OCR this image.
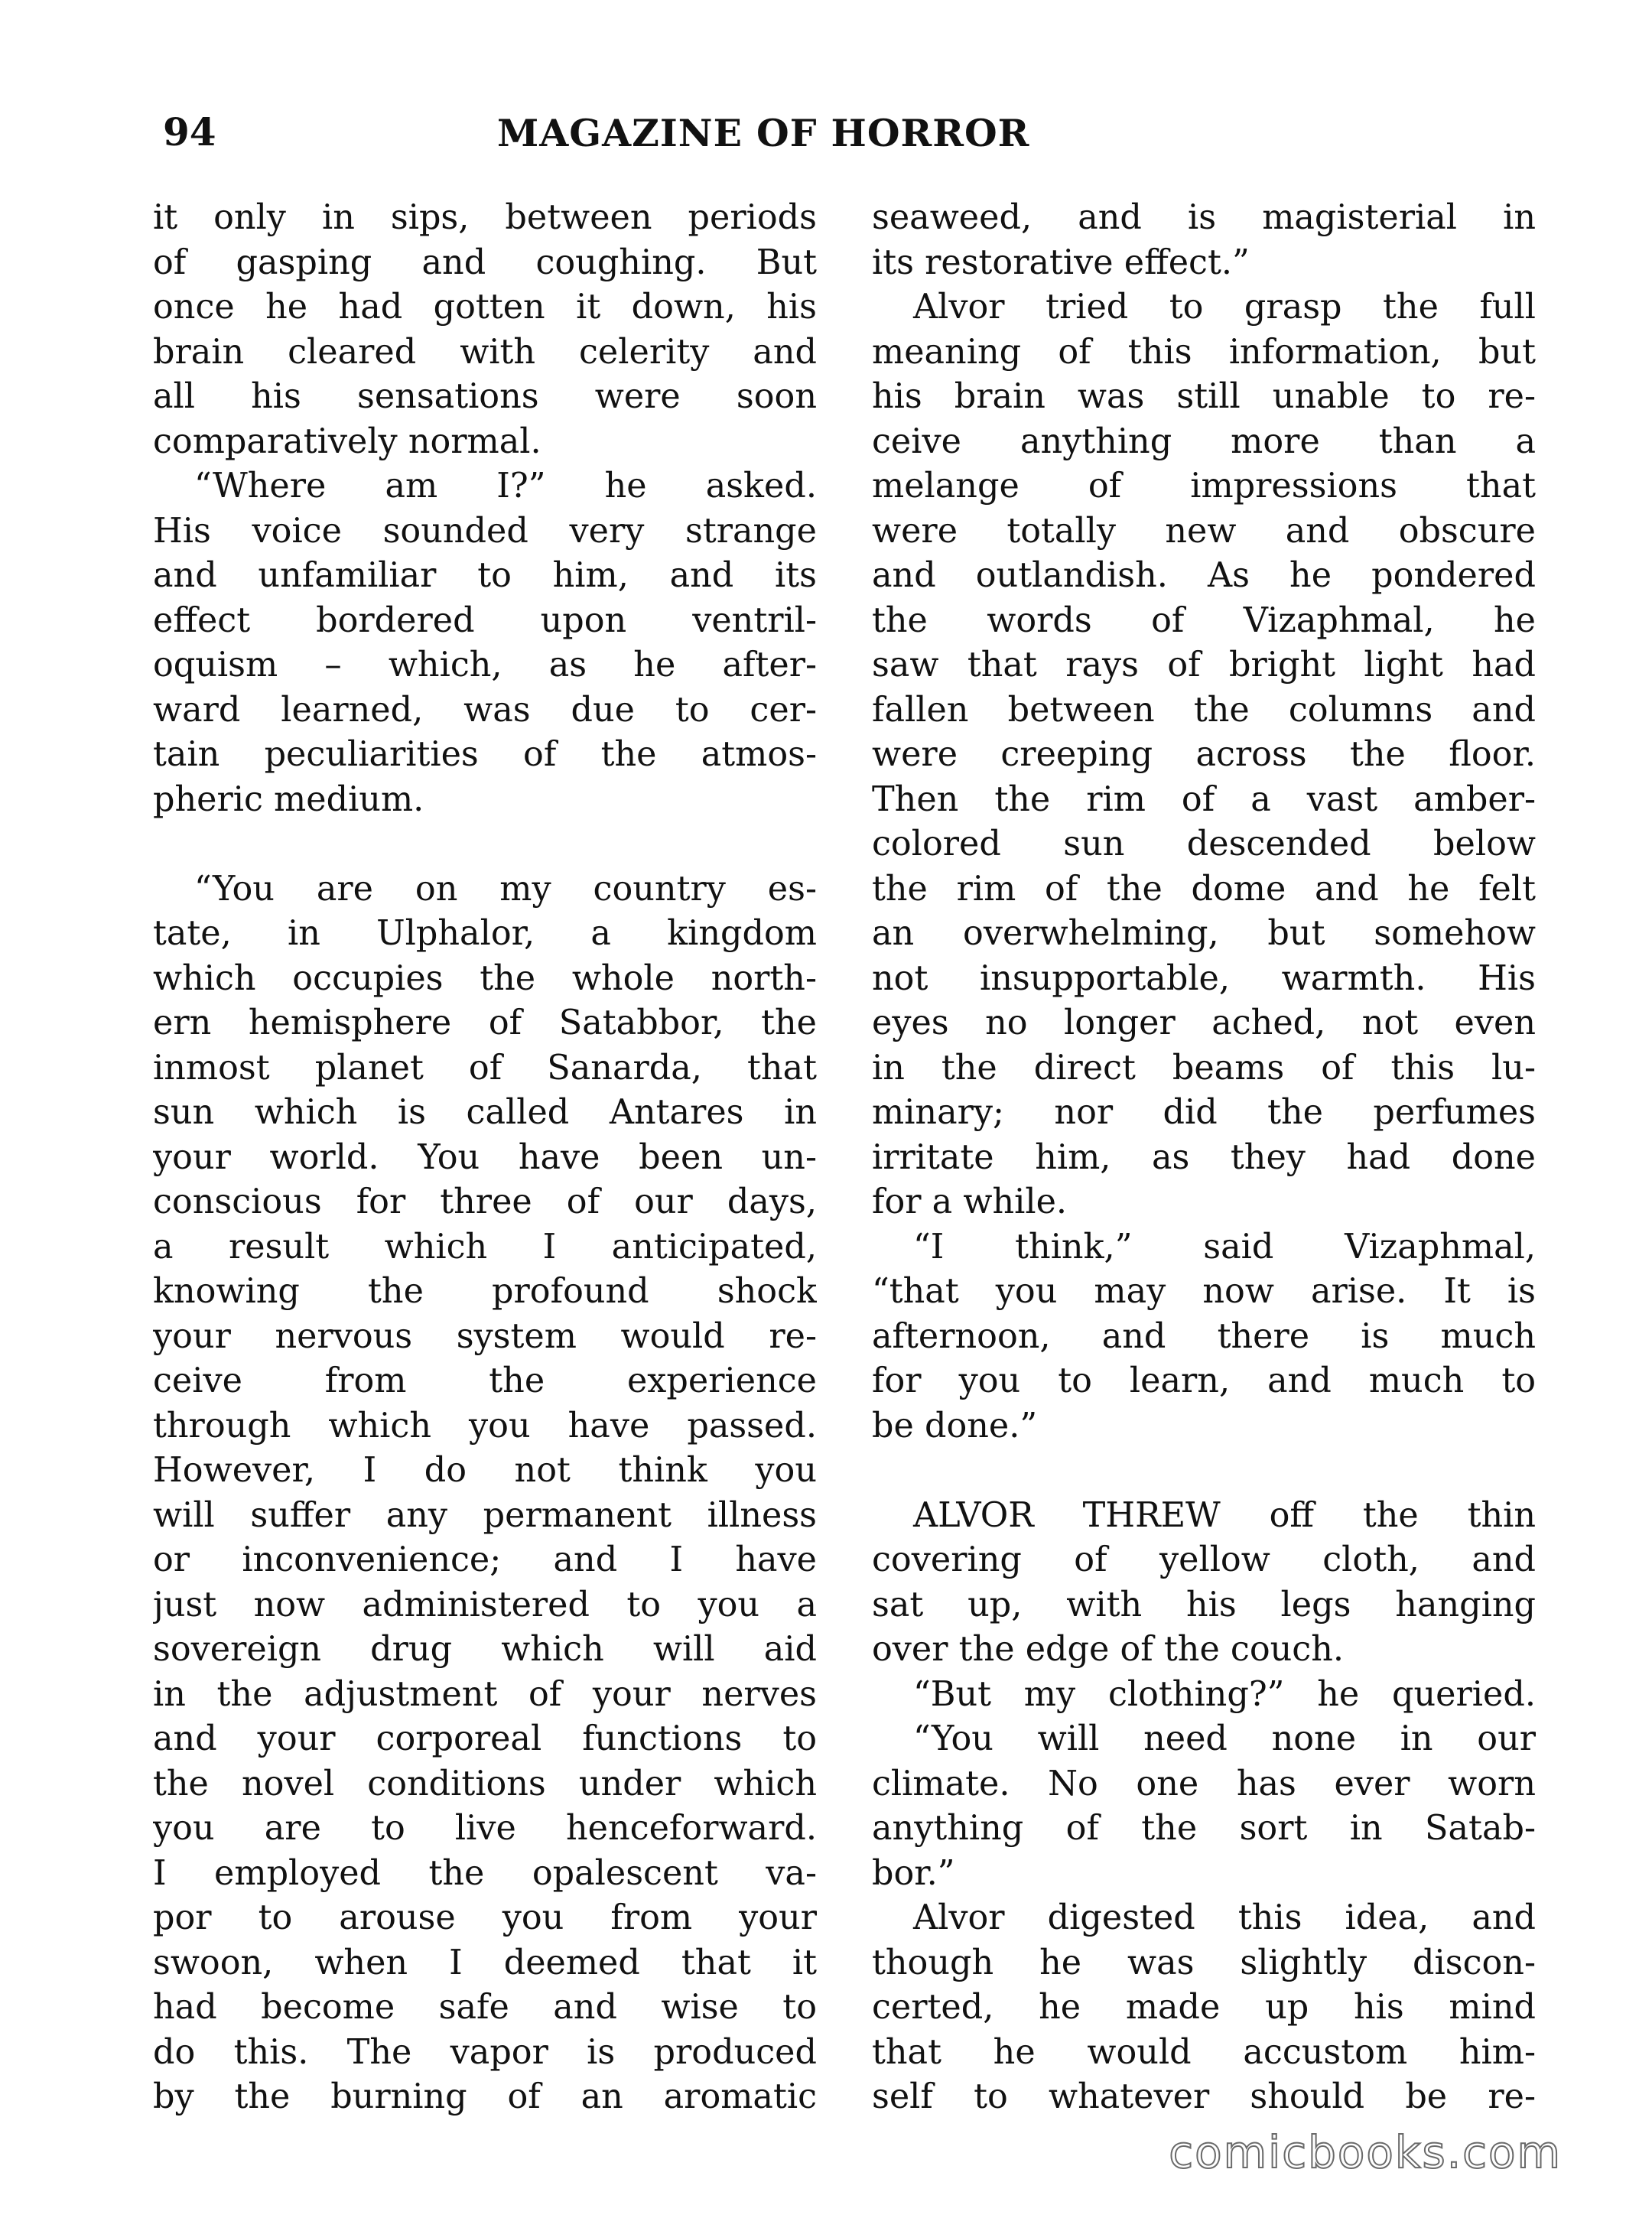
94	MAGAZINE OF HORROR
it only in sips, between periods
of gasping and coughing. But
once he had gotten it down, his
brain cleared with celerity and
all his sensations were soon
comparatively normal.
“Where am I?” he asked.
His voice sounded very strange
and unfamiliar to him, and its
effect bordered upon ventril-
oquism – which, as he after-
ward learned, was due to cer-
tain peculiarities of the atmos-
pheric medium.
“You are on my country es-
tate, in Ulphalor, a kingdom
which occupies the whole north-
ern hemisphere of Satabbor, the
inmost planet of Sanarda, that
sun which is called Antares in
your world. You have been un-
conscious for three of our days,
a result which I anticipated,
knowing the profound shock
your nervous system would re-
ceive from the experience
through which you have passed.
However, I do not think you
will suffer any permanent illness
or inconvenience; and I have
just now administered to you a
sovereign drug which will aid
in the adjustment of your nerves
and your corporeal functions to
the novel conditions under which
you are to live henceforward.
I employed the opalescent va-
por to arouse you from your
swoon, when I deemed that it
had become safe and wise to
do this. The vapor is produced
by the burning of an aromatic
seaweed, and is magisterial in
its restorative effect.”
Alvor tried to grasp the full
meaning of this information, but
his brain was still unable to re-
ceive anything more than a
melange of impressions that
were totally new and obscure
and outlandish. As he pondered
the words of Vizaphmal, he
saw that rays of bright light had
fallen between the columns and
were creeping across the floor.
Then the rim of a vast amber-
colored sun descended below
the rim of the dome and he felt
an overwhelming, but somehow
not insupportable, warmth. His
eyes no longer ached, not even
in the direct beams of this lu-
minary; nor did the perfumes
irritate him, as they had done
for a while.
“I think,” said Vizaphmal,
“that you may now arise. It is
afternoon, and there is much
for you to learn, and much to
be done.”
ALVOR THREW off the thin
covering of yellow cloth, and
sat up, with his legs hanging
over the edge of the couch.
“But my clothing?” he queried.
“You will need none in our
climate. No one has ever worn
anything of the sort in Satab-
bor.”
Alvor digested this idea, and
though he was slightly discon-
certed, he made up his mind
that he would accustom him-
self to whatever should be re-
comicbooks.com
